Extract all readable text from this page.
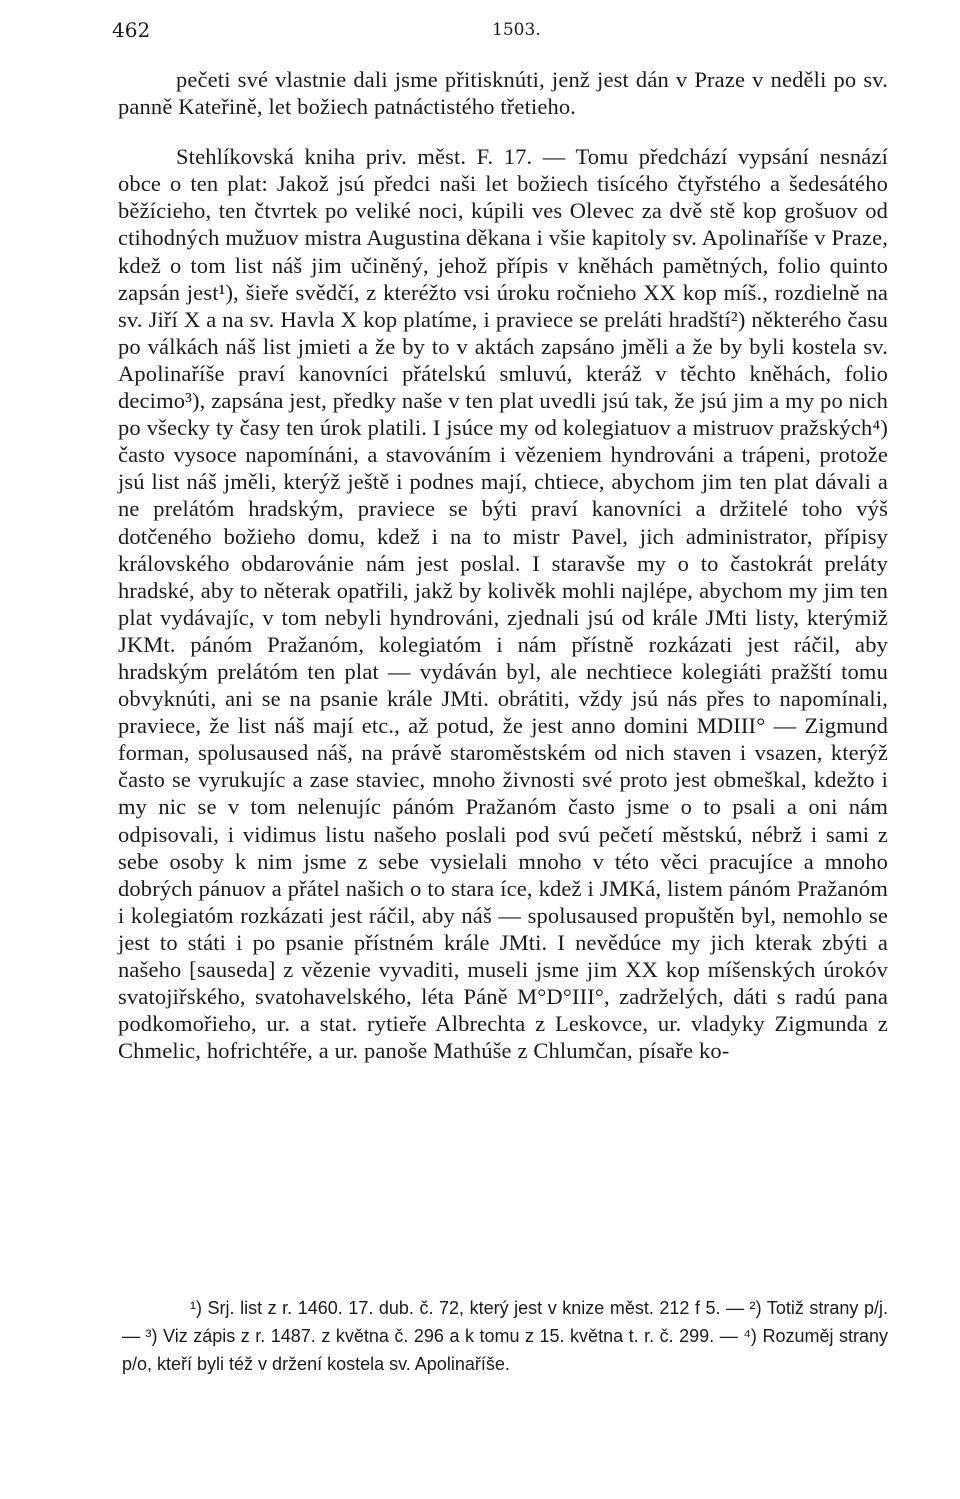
462	1503.

pečeti své vlastnie dali jsme přitisknúti, jenž jest dán v Praze v neděli po sv. panně Kateřině, let božiech patnáctistého třetieho.

Stehlíkovská kniha priv. měst. F. 17. — Tomu předchází vypsání nesnází obce o ten plat: Jakož jsú předci naši let božiech tisícého čtyřstého a šedesátého běžícieho, ten čtvrtek po veliké noci, kúpili ves Olevec za dvě stě kop grošuov od ctihodných mužuov mistra Augustina děkana i všie kapitoly sv. Apolinaříše v Praze, kdež o tom list náš jim učiněný, jehož přípis v kněhách pamětných, folio quinto zapsán jest¹), šieře svědčí, z kteréžto vsi úroku ročnieho XX kop míš., rozdielně na sv. Jiří X a na sv. Havla X kop platíme, i praviece se preláti hradští²) některého času po válkách náš list jmieti a že by to v aktách zapsáno jměli a že by byli kostela sv. Apolinaříše praví kanovníci přátelskú smluvú, kteráž v těchto kněhách, folio decimo³), zapsána jest, předky naše v ten plat uvedli jsú tak, že jsú jim a my po nich po všecky ty časy ten úrok platili. I jsúce my od kolegiatuov a mistruov pražských⁴) často vysoce napomínáni, a stavováním i vězeniem hyndrováni a trápeni, protože jsú list náš jměli, kterýž ještě i podnes mají, chtiece, abychom jim ten plat dávali a ne prelátóm hradským, praviece se býti praví kanovníci a držitelé toho výš dotčeného božieho domu, kdež i na to mistr Pavel, jich administrator, přípisy královského obdarovánie nám jest poslal. I staravše my o to častokrát preláty hradské, aby to něterak opatřili, jakž by kolivěk mohli najlépe, abychom my jim ten plat vydávajíc, v tom nebyli hyndrováni, zjednali jsú od krále JMti listy, kterýmiž JKMt. pánóm Pražanóm, kolegiatóm i nám přístně rozkázati jest ráčil, aby hradským prelátóm ten plat — vydáván byl, ale nechtiece kolegiáti pražští tomu obvyknúti, ani se na psanie krále JMti. obrátiti, vždy jsú nás přes to napomínali, praviece, že list náš mají etc., až potud, že jest anno domini MDIII° — Zigmund forman, spolusaused náš, na právě staroměstském od nich staven i vsazen, kterýž často se vyrukujíc a zase staviec, mnoho živnosti své proto jest obmeškal, kdežto i my nic se v tom nelenujíc pánóm Pražanóm často jsme o to psali a oni nám odpisovali, i vidimus listu našeho poslali pod svú pečetí městskú, nébrž i sami z sebe osoby k nim jsme z sebe vysielali mnoho v této věci pracujíce a mnoho dobrých pánuov a přátel našich o to stara íce, kdež i JMKá, listem pánóm Pražanóm i kolegiatóm rozkázati jest ráčil, aby náš — spolusaused propuštěn byl, nemohlo se jest to státi i po psanie přístném krále JMti. I nevědúce my jich kterak zbýti a našeho [sauseda] z vězenie vyvaditi, museli jsme jim XX kop míšenských úrokóv svatojiřského, svatohavelského, léta Páně M°D°III°, zadrželých, dáti s radú pana podkomořieho, ur. a stat. rytieře Albrechta z Leskovce, ur. vladyky Zigmunda z Chmelic, hofrichtéře, a ur. panoše Mathúše z Chlumčan, písaře ko-

¹) Srj. list z r. 1460. 17. dub. č. 72, který jest v knize měst. 212 f 5. — ²) Totiž strany p/j. — ³) Viz zápis z r. 1487. z května č. 296 a k tomu z 15. května t. r. č. 299. — ⁴) Rozuměj strany p/o, kteří byli též v držení kostela sv. Apolinaříše.
